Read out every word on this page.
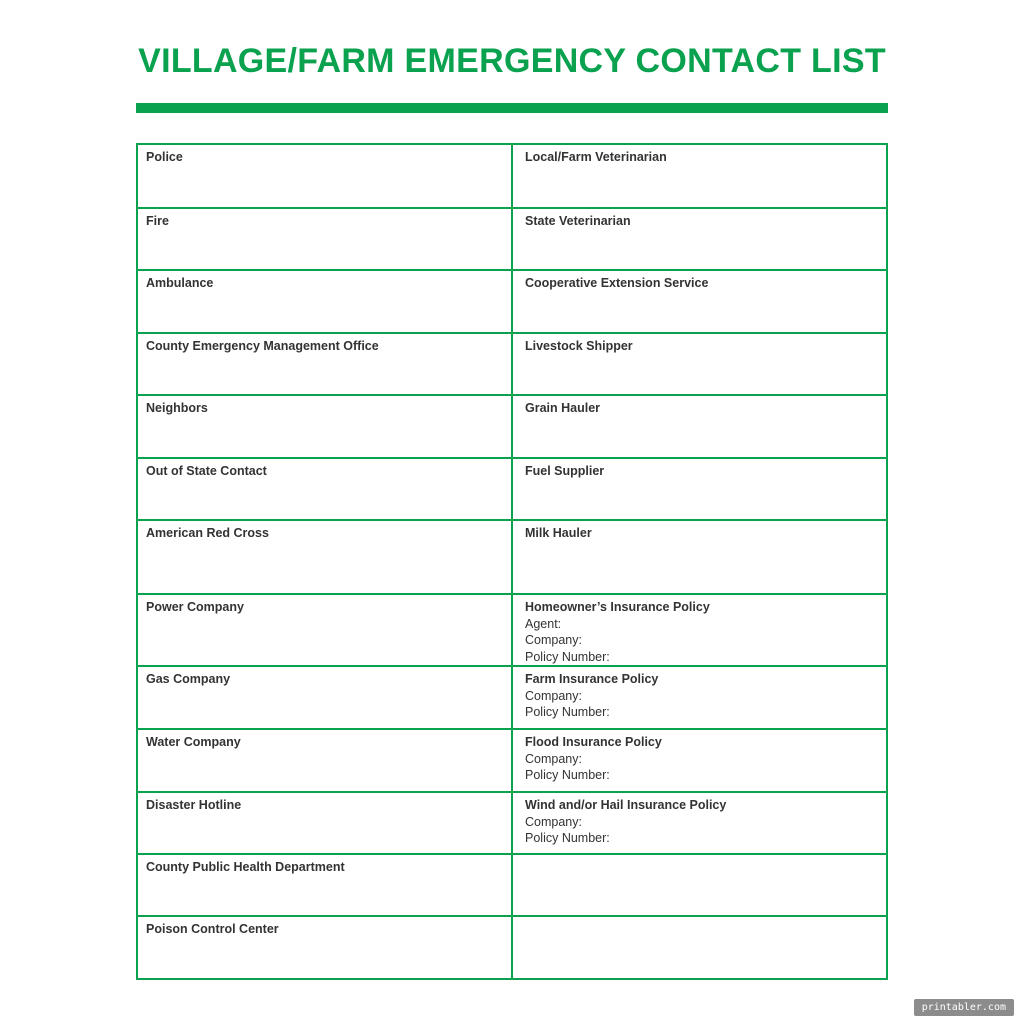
VILLAGE/FARM EMERGENCY CONTACT LIST
Police	Local/Farm Veterinarian

Fire	State Veterinarian

Ambulance	Cooperative Extension Service

County Emergency Management Office	Livestock Shipper

Neighbors	Grain Hauler

Out of State Contact	Fuel Supplier

American Red Cross	Milk Hauler

Power Company	Homeowner’s Insurance Policy
Agent:
Company:
Policy Number:

Gas Company	Farm Insurance Policy
Company:
Policy Number:

Water Company	Flood Insurance Policy
Company:
Policy Number:

Disaster Hotline	Wind and/or Hail Insurance Policy
Company:
Policy Number:

County Public Health Department	

Poison Control Center	

printabler.com
